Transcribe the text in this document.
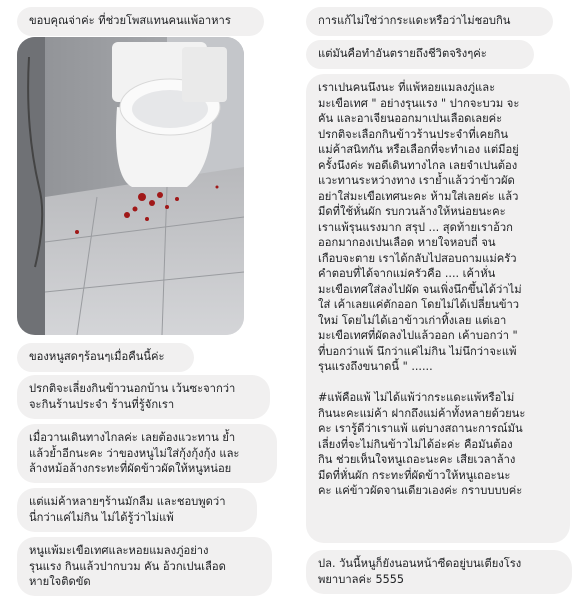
ขอบคุณจ่าค่ะ ที่ช่วยโพสแทนคนแพ้อาหาร
ของหนูสดๆร้อนๆเมื่อคืนนี้ค่ะ
ปรกติจะเลี่ยงกินข้าวนอกบ้าน เว้นซะจากว่า
จะกินร้านประจำ ร้านที่รู้จักเรา
เมื่อวานเดินทางไกลค่ะ เลยต้องแวะทาน ย้ำ
แล้วย้ำอีกนะคะ ว่าของหนูไม่ใส่กุ้งกุ้งกุ้ง และ
ล้างหม้อล้างกระทะที่ผัดข้าวผัดให้หนูหน่อย
แต่แม่ค้าหลายๆร้านมักลืม และชอบพูดว่า
นี่กว่าแค่ไม่กิน ไม่ได้รู้ว่าไม่แพ้
หนูแพ้มะเขือเทศและหอยแมลงภู่อย่าง
รุนแรง กินแล้วปากบวม คัน อ้วกเปนเลือด
หายใจติดขัด
การแก้ไม่ใช่ว่ากระแดะหรือว่าไม่ชอบกิน
แต่มันคือทำอันตรายถึงชีวิตจริงๆค่ะ
เราเปนคนนึงนะ ที่แพ้หอยแมลงภู่และ
มะเขือเทศ " อย่างรุนแรง " ปากจะบวม จะ
คัน และอาเจียนออกมาเปนเลือดเลยค่ะ
ปรกติจะเลือกกินข้าวร้านประจำที่เคยกิน
แม่ค้าสนิทกัน หรือเลือกที่จะทำเอง แต่มีอยู่
ครั้งนึงค่ะ พอดีเดินทางไกล เลยจำเปนต้อง
แวะทานระหว่างทาง เราย้ำแล้วว่าข้าวผัด
อย่าใส่มะเขือเทศนะคะ ห้ามใส่เลยค่ะ แล้ว
มีดที่ใช้หั่นผัก รบกวนล้างให้หน่อยนะคะ
เราแพ้รุนแรงมาก สรุป ... สุดท้ายเราอ้วก
ออกมากองเปนเลือด หายใจหอบถี่ จน
เกือบจะตาย เราได้กลับไปสอบถามแม่ครัว
คำตอบที่ได้จากแม่ครัวคือ .... เค้าหั่น
มะเขือเทศใส่ลงไปผัด จนเพิ่งนึกขึ้นได้ว่าไม่
ใส่ เค้าเลยแค่ตักออก โดยไม่ได้เปลี่ยนข้าว
ใหม่ โดยไม่ได้เอาข้าวเก่าทิ้งเลย แต่เอา
มะเขือเทศที่ผัดลงไปแล้วออก เค้าบอกว่า "
ที่บอกว่าแพ้ นึกว่าแค่ไม่กิน ไม่นึกว่าจะแพ้
รุนแรงถึงขนาดนี้ " ......

#แพ้คือแพ้ ไม่ได้แพ้ว่ากระแดะแพ้หรือไม่
กินนะคะแม่ค้า ฝากถึงแม่ค้าทั้งหลายด้วยนะ
คะ เรารู้ดีว่าเราแพ้ แต่บางสถานะการณ์มัน
เลี่ยงที่จะไม่กินข้าวไม่ได้อ่ะค่ะ คือมันต้อง
กิน ช่วยเห็นใจหนูเถอะนะคะ เสียเวลาล้าง
มีดที่หั่นผัก กระทะที่ผัดข้าวให้หนูเถอะนะ
คะ แค่ข้าวผัดจานเดียวเองค่ะ กราบบบบค่ะ
ปล. วันนี้หนูก็ยังนอนหน้าซีดอยู่บนเตียงโรง
พยาบาลค่ะ 5555
